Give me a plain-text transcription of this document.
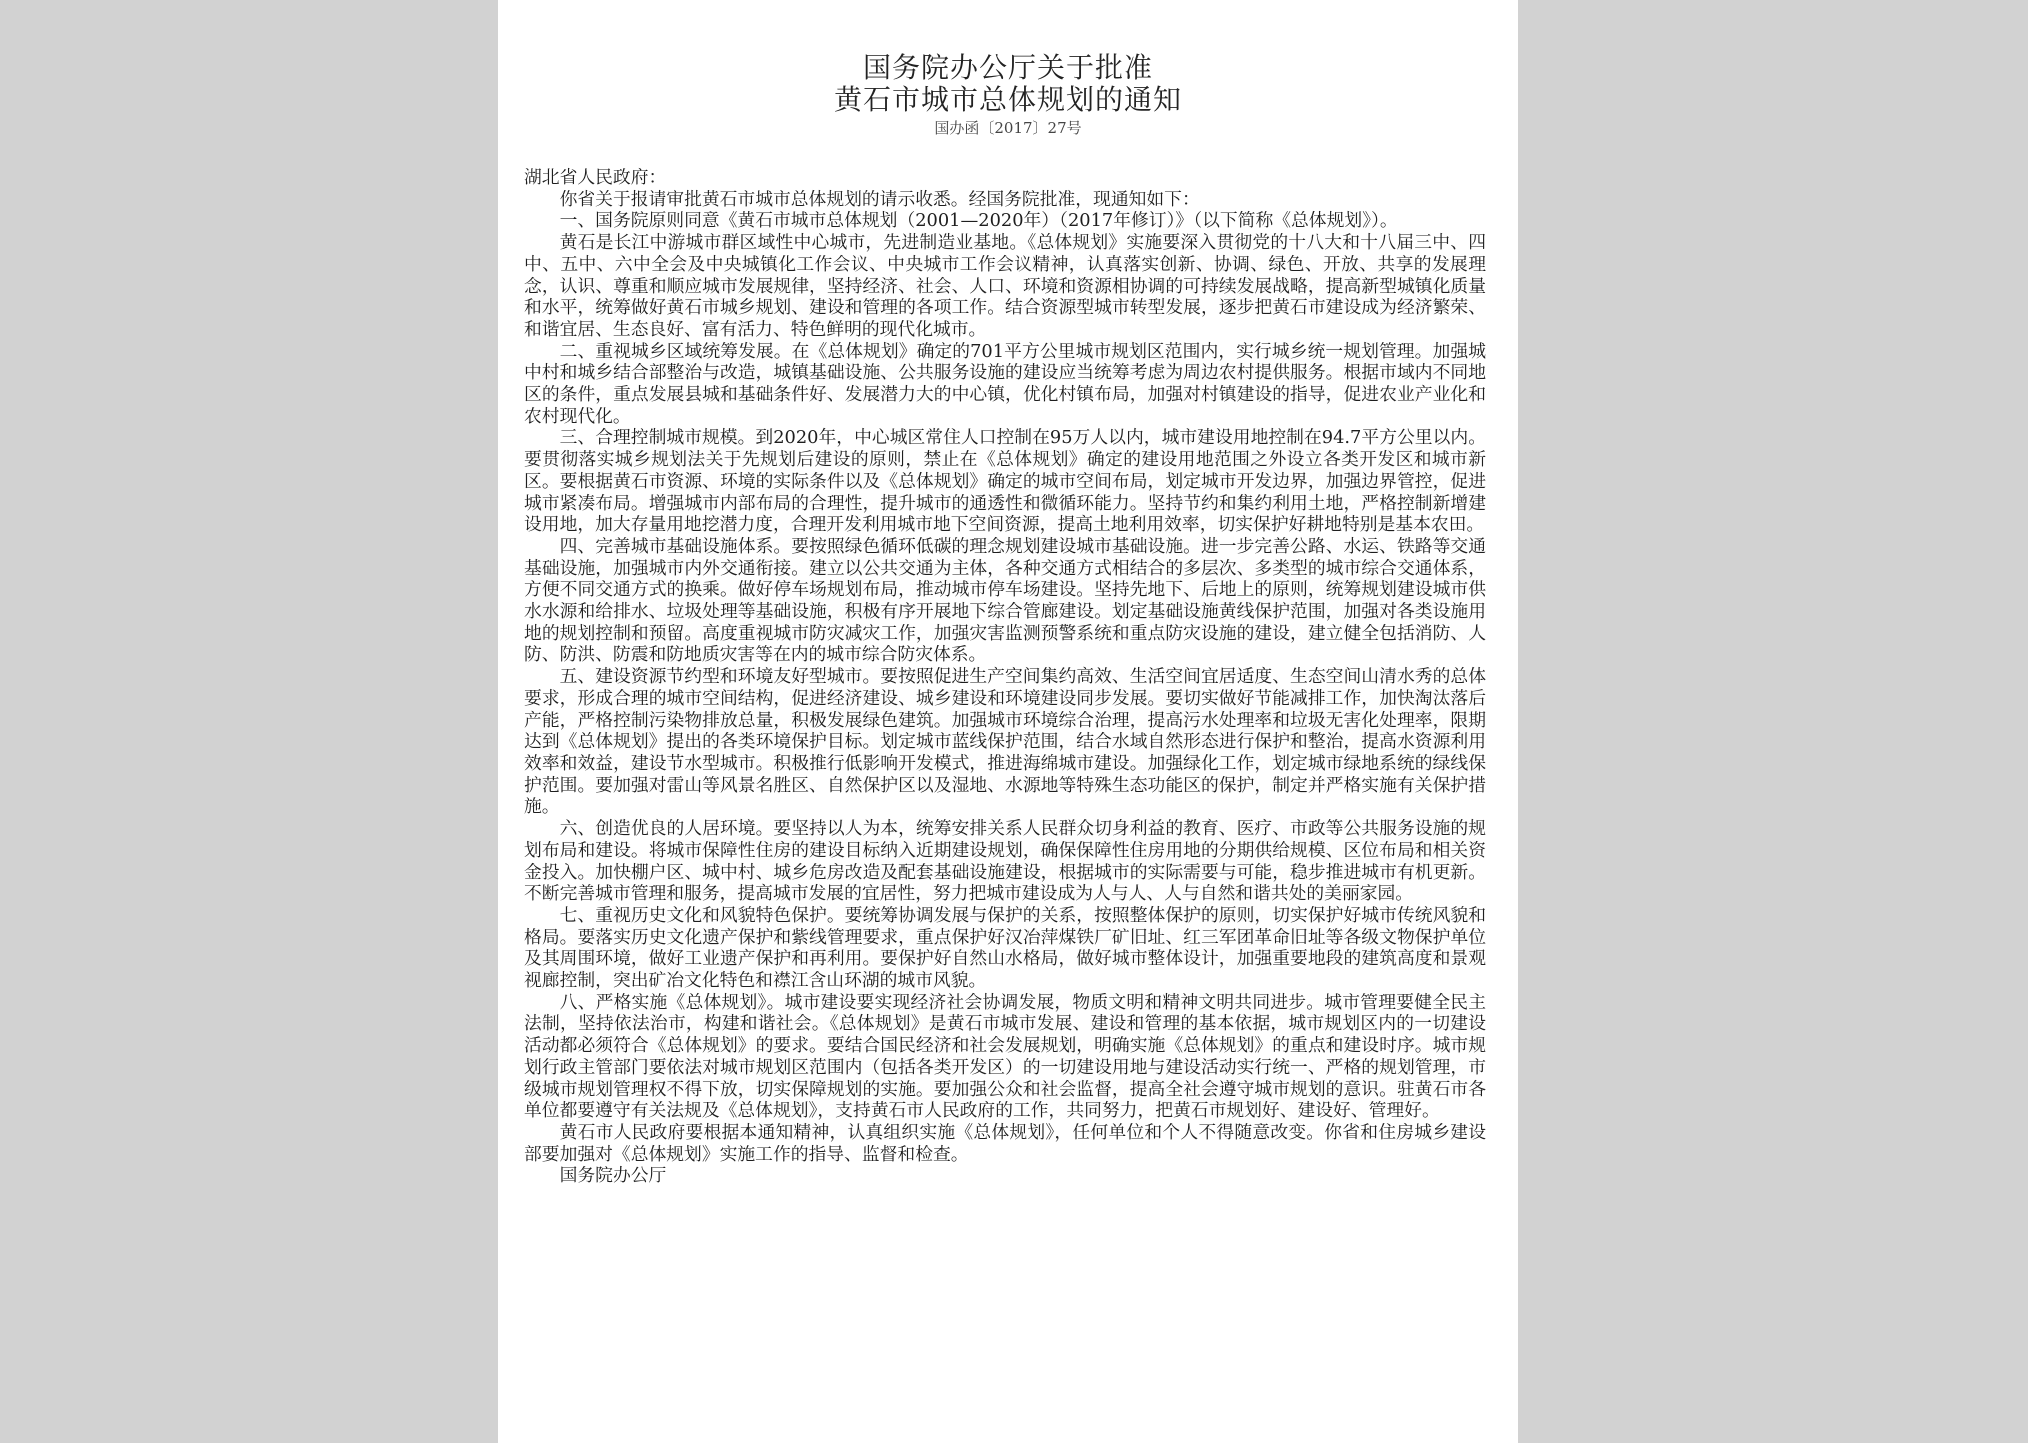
国务院办公厅关于批准
黄石市城市总体规划的通知
国办函〔2017〕27号

湖北省人民政府：

你省关于报请审批黄石市城市总体规划的请示收悉。经国务院批准，现通知如下：

一、国务院原则同意《黄石市城市总体规划（2001—2020年）（2017年修订）》（以下简称《总体规划》）。

黄石是长江中游城市群区域性中心城市，先进制造业基地。《总体规划》实施要深入贯彻党的十八大和十八届三中、四中、五中、六中全会及中央城镇化工作会议、中央城市工作会议精神，认真落实创新、协调、绿色、开放、共享的发展理念，认识、尊重和顺应城市发展规律，坚持经济、社会、人口、环境和资源相协调的可持续发展战略，提高新型城镇化质量和水平，统筹做好黄石市城乡规划、建设和管理的各项工作。结合资源型城市转型发展，逐步把黄石市建设成为经济繁荣、和谐宜居、生态良好、富有活力、特色鲜明的现代化城市。

二、重视城乡区域统筹发展。在《总体规划》确定的701平方公里城市规划区范围内，实行城乡统一规划管理。加强城中村和城乡结合部整治与改造，城镇基础设施、公共服务设施的建设应当统筹考虑为周边农村提供服务。根据市域内不同地区的条件，重点发展县城和基础条件好、发展潜力大的中心镇，优化村镇布局，加强对村镇建设的指导，促进农业产业化和农村现代化。

三、合理控制城市规模。到2020年，中心城区常住人口控制在95万人以内，城市建设用地控制在94.7平方公里以内。要贯彻落实城乡规划法关于先规划后建设的原则，禁止在《总体规划》确定的建设用地范围之外设立各类开发区和城市新区。要根据黄石市资源、环境的实际条件以及《总体规划》确定的城市空间布局，划定城市开发边界，加强边界管控，促进城市紧凑布局。增强城市内部布局的合理性，提升城市的通透性和微循环能力。坚持节约和集约利用土地，严格控制新增建设用地，加大存量用地挖潜力度，合理开发利用城市地下空间资源，提高土地利用效率，切实保护好耕地特别是基本农田。

四、完善城市基础设施体系。要按照绿色循环低碳的理念规划建设城市基础设施。进一步完善公路、水运、铁路等交通基础设施，加强城市内外交通衔接。建立以公共交通为主体，各种交通方式相结合的多层次、多类型的城市综合交通体系，方便不同交通方式的换乘。做好停车场规划布局，推动城市停车场建设。坚持先地下、后地上的原则，统筹规划建设城市供水水源和给排水、垃圾处理等基础设施，积极有序开展地下综合管廊建设。划定基础设施黄线保护范围，加强对各类设施用地的规划控制和预留。高度重视城市防灾减灾工作，加强灾害监测预警系统和重点防灾设施的建设，建立健全包括消防、人防、防洪、防震和防地质灾害等在内的城市综合防灾体系。

五、建设资源节约型和环境友好型城市。要按照促进生产空间集约高效、生活空间宜居适度、生态空间山清水秀的总体要求，形成合理的城市空间结构，促进经济建设、城乡建设和环境建设同步发展。要切实做好节能减排工作，加快淘汰落后产能，严格控制污染物排放总量，积极发展绿色建筑。加强城市环境综合治理，提高污水处理率和垃圾无害化处理率，限期达到《总体规划》提出的各类环境保护目标。划定城市蓝线保护范围，结合水域自然形态进行保护和整治，提高水资源利用效率和效益，建设节水型城市。积极推行低影响开发模式，推进海绵城市建设。加强绿化工作，划定城市绿地系统的绿线保护范围。要加强对雷山等风景名胜区、自然保护区以及湿地、水源地等特殊生态功能区的保护，制定并严格实施有关保护措施。

六、创造优良的人居环境。要坚持以人为本，统筹安排关系人民群众切身利益的教育、医疗、市政等公共服务设施的规划布局和建设。将城市保障性住房的建设目标纳入近期建设规划，确保保障性住房用地的分期供给规模、区位布局和相关资金投入。加快棚户区、城中村、城乡危房改造及配套基础设施建设，根据城市的实际需要与可能，稳步推进城市有机更新。不断完善城市管理和服务，提高城市发展的宜居性，努力把城市建设成为人与人、人与自然和谐共处的美丽家园。

七、重视历史文化和风貌特色保护。要统筹协调发展与保护的关系，按照整体保护的原则，切实保护好城市传统风貌和格局。要落实历史文化遗产保护和紫线管理要求，重点保护好汉冶萍煤铁厂矿旧址、红三军团革命旧址等各级文物保护单位及其周围环境，做好工业遗产保护和再利用。要保护好自然山水格局，做好城市整体设计，加强重要地段的建筑高度和景观视廊控制，突出矿冶文化特色和襟江含山环湖的城市风貌。

八、严格实施《总体规划》。城市建设要实现经济社会协调发展，物质文明和精神文明共同进步。城市管理要健全民主法制，坚持依法治市，构建和谐社会。《总体规划》是黄石市城市发展、建设和管理的基本依据，城市规划区内的一切建设活动都必须符合《总体规划》的要求。要结合国民经济和社会发展规划，明确实施《总体规划》的重点和建设时序。城市规划行政主管部门要依法对城市规划区范围内（包括各类开发区）的一切建设用地与建设活动实行统一、严格的规划管理，市级城市规划管理权不得下放，切实保障规划的实施。要加强公众和社会监督，提高全社会遵守城市规划的意识。驻黄石市各单位都要遵守有关法规及《总体规划》，支持黄石市人民政府的工作，共同努力，把黄石市规划好、建设好、管理好。

黄石市人民政府要根据本通知精神，认真组织实施《总体规划》，任何单位和个人不得随意改变。你省和住房城乡建设部要加强对《总体规划》实施工作的指导、监督和检查。

国务院办公厅
